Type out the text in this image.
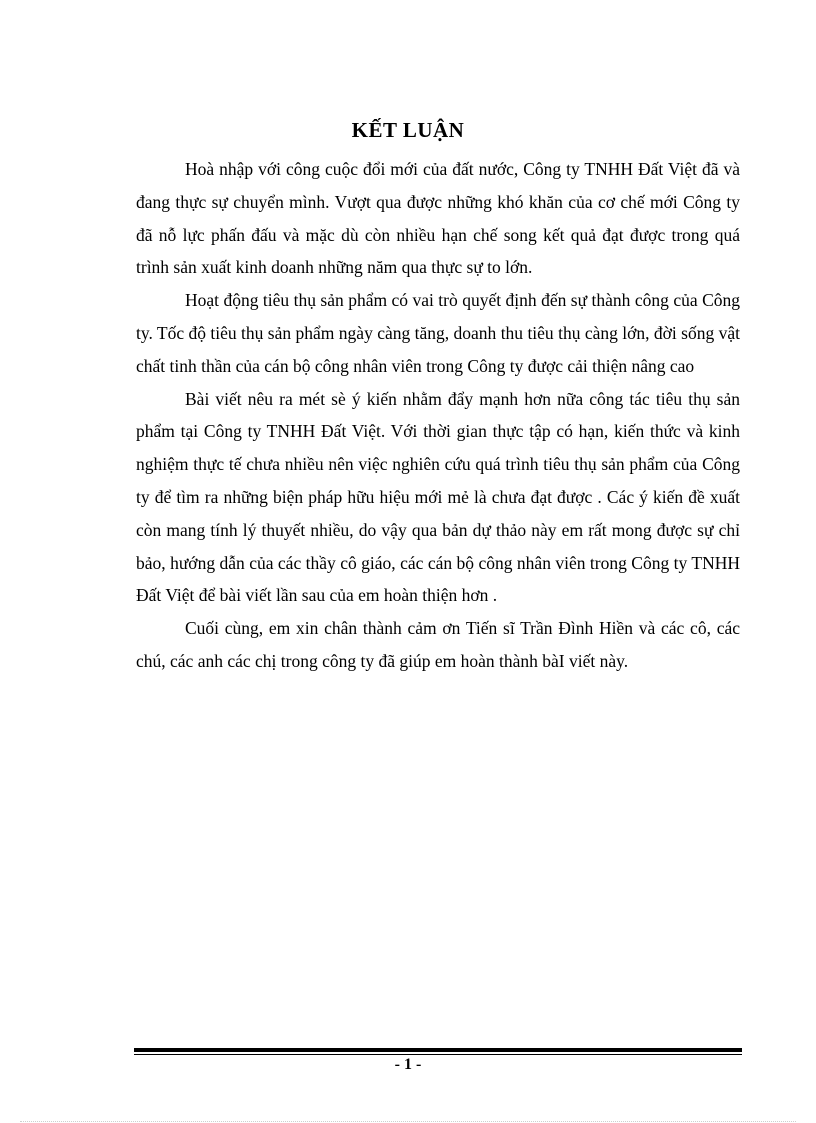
KẾT LUẬN

Hoà nhập với công cuộc đổi mới của đất nước, Công ty TNHH Đất Việt đã và đang thực sự chuyển mình. Vượt qua được những khó khăn của cơ chế mới Công ty đã nỗ lực phấn đấu và mặc dù còn nhiều hạn chế song kết quả đạt được trong quá trình sản xuất kinh doanh những năm qua thực sự to lớn.

Hoạt động tiêu thụ sản phẩm có vai trò quyết định đến sự thành công của Công ty. Tốc độ tiêu thụ sản phẩm ngày càng tăng, doanh thu tiêu thụ càng lớn, đời sống vật chất tinh thần của cán bộ công nhân viên trong Công ty được cải thiện nâng cao

Bài viết nêu ra mét sè ý kiến nhằm đẩy mạnh hơn nữa công tác tiêu thụ sản phẩm tại Công ty TNHH Đất Việt. Với thời gian thực tập có hạn, kiến thức và kinh nghiệm thực tế chưa nhiều nên việc nghiên cứu quá trình tiêu thụ sản phẩm của Công ty để tìm ra những biện pháp hữu hiệu mới mẻ là chưa đạt được . Các ý kiến đề xuất còn mang tính lý thuyết nhiều, do vậy qua bản dự thảo này em rất mong được sự chỉ bảo, hướng dẫn của các thầy cô giáo, các cán bộ công nhân viên trong Công ty TNHH Đất Việt để bài viết lần sau của em hoàn thiện hơn .

Cuối cùng, em xin chân thành cảm ơn Tiến sĩ Trần Đình Hiền và các cô, các chú, các anh các chị trong công ty đã giúp em hoàn thành bàI viết này.

- 1 -
